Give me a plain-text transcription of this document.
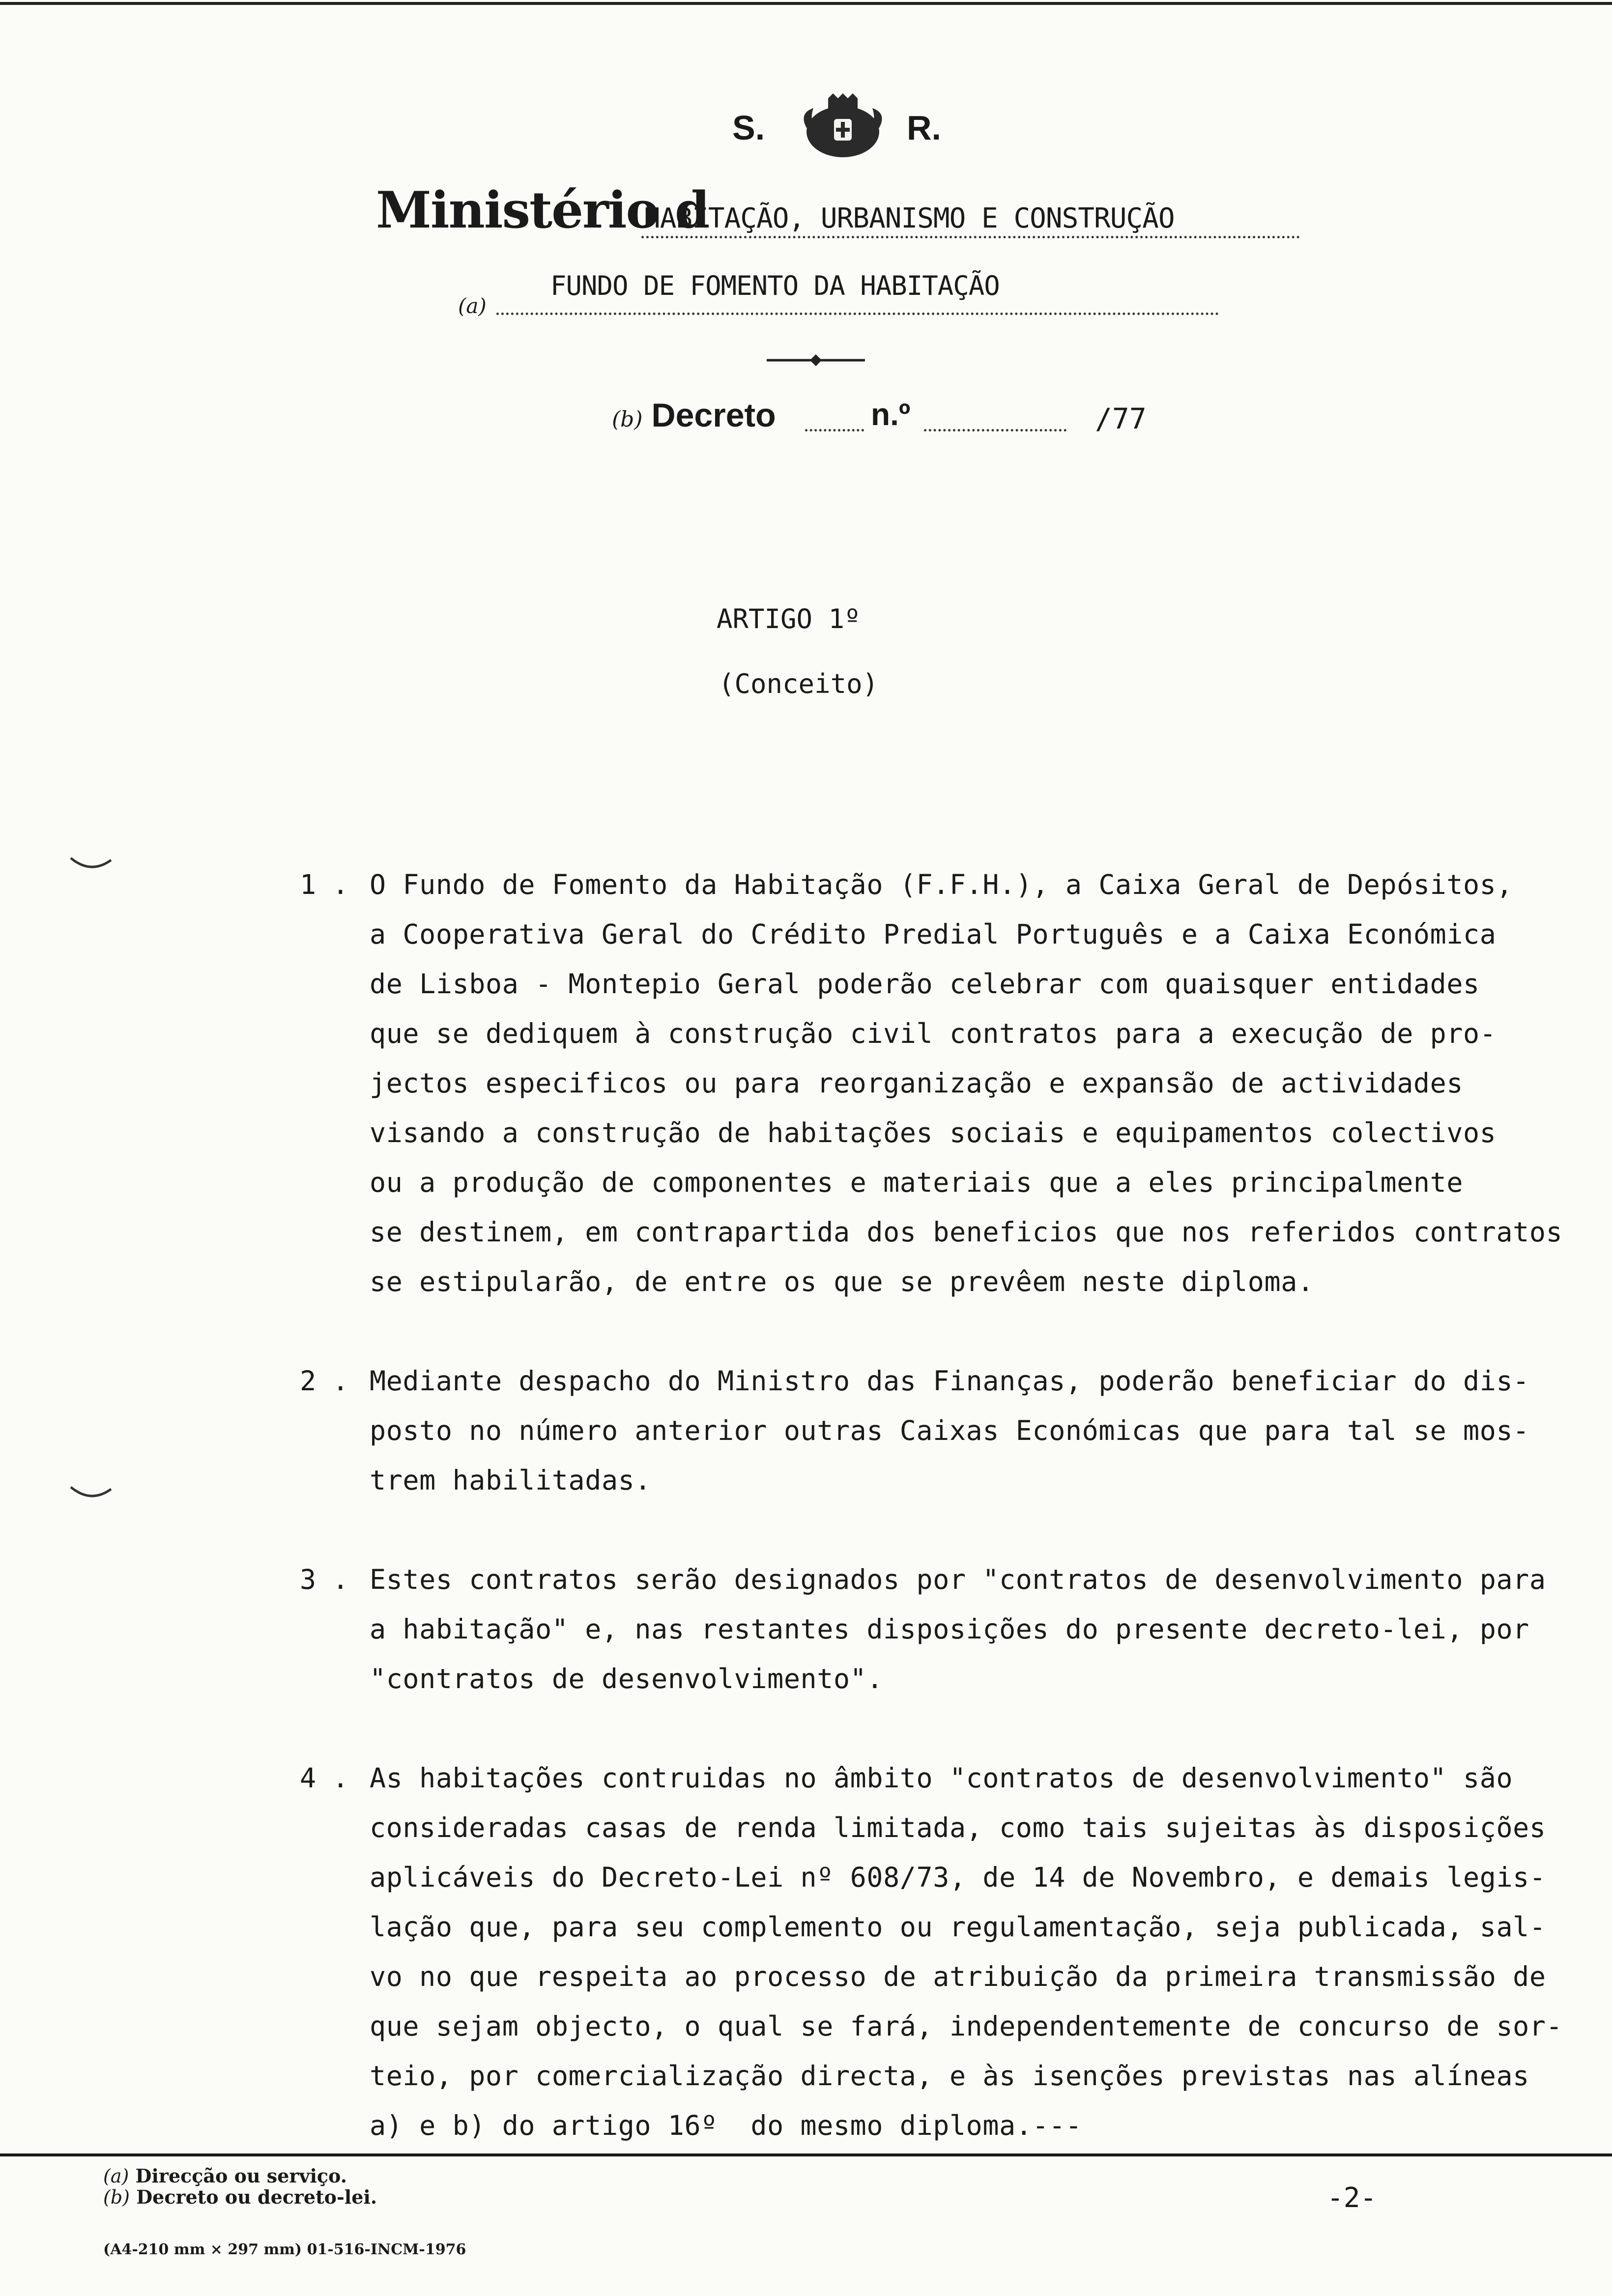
S.	R.
Ministério d
HABITAÇÃO, URBANISMO E CONSTRUÇÃO
(a)
FUNDO DE FOMENTO DA HABITAÇÃO
(b) Decreto	n.º	/77
ARTIGO 1º
(Conceito)
1 . O Fundo de Fomento da Habitação (F.F.H.), a Caixa Geral de Depósitos,
a Cooperativa Geral do Crédito Predial Português e a Caixa Económica
de Lisboa - Montepio Geral poderão celebrar com quaisquer entidades
que se dediquem à construção civil contratos para a execução de pro-
jectos especificos ou para reorganização e expansão de actividades
visando a construção de habitações sociais e equipamentos colectivos
ou a produção de componentes e materiais que a eles principalmente
se destinem, em contrapartida dos beneficios que nos referidos contratos
se estipularão, de entre os que se prevêem neste diploma.
2 . Mediante despacho do Ministro das Finanças, poderão beneficiar do dis-
posto no número anterior outras Caixas Económicas que para tal se mos-
trem habilitadas.
3 . Estes contratos serão designados por "contratos de desenvolvimento para
a habitação" e, nas restantes disposições do presente decreto-lei, por
"contratos de desenvolvimento".
4 . As habitações contruidas no âmbito "contratos de desenvolvimento" são
consideradas casas de renda limitada, como tais sujeitas às disposições
aplicáveis do Decreto-Lei nº 608/73, de 14 de Novembro, e demais legis-
lação que, para seu complemento ou regulamentação, seja publicada, sal-
vo no que respeita ao processo de atribuição da primeira transmissão de
que sejam objecto, o qual se fará, independentemente de concurso de sor-
teio, por comercialização directa, e às isenções previstas nas alíneas
a) e b) do artigo 16º  do mesmo diploma.---
(a) Direcção ou serviço.
(b) Decreto ou decreto-lei.	-2-
(A4-210 mm × 297 mm) 01-516-INCM-1976
